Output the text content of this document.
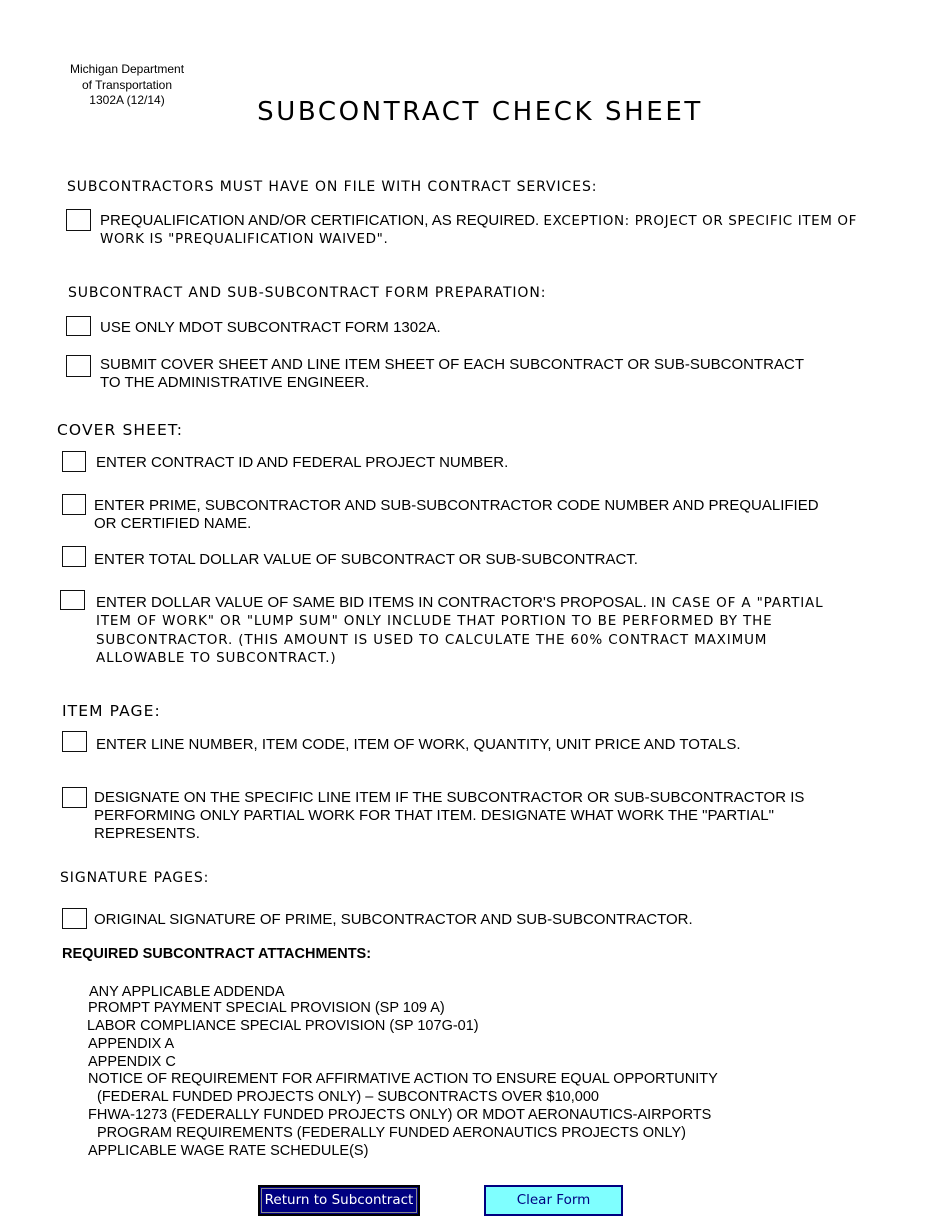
Michigan Department
of Transportation
1302A (12/14)	SUBCONTRACT CHECK SHEET
SUBCONTRACTORS MUST HAVE ON FILE WITH CONTRACT SERVICES:
PREQUALIFICATION AND/OR CERTIFICATION, AS REQUIRED. EXCEPTION: PROJECT OR SPECIFIC ITEM OF WORK IS "PREQUALIFICATION WAIVED".
SUBCONTRACT AND SUB-SUBCONTRACT FORM PREPARATION:
USE ONLY MDOT SUBCONTRACT FORM 1302A.
SUBMIT COVER SHEET AND LINE ITEM SHEET OF EACH SUBCONTRACT OR SUB-SUBCONTRACT
TO THE ADMINISTRATIVE ENGINEER.
COVER SHEET:
ENTER CONTRACT ID AND FEDERAL PROJECT NUMBER.
ENTER PRIME, SUBCONTRACTOR AND SUB-SUBCONTRACTOR CODE NUMBER AND PREQUALIFIED
OR CERTIFIED NAME.
ENTER TOTAL DOLLAR VALUE OF SUBCONTRACT OR SUB-SUBCONTRACT.
ENTER DOLLAR VALUE OF SAME BID ITEMS IN CONTRACTOR'S PROPOSAL. IN CASE OF A "PARTIAL ITEM OF WORK" OR "LUMP SUM" ONLY INCLUDE THAT PORTION TO BE PERFORMED BY THE SUBCONTRACTOR. (THIS AMOUNT IS USED TO CALCULATE THE 60% CONTRACT MAXIMUM ALLOWABLE TO SUBCONTRACT.)
ITEM PAGE:
ENTER LINE NUMBER, ITEM CODE, ITEM OF WORK, QUANTITY, UNIT PRICE AND TOTALS.
DESIGNATE ON THE SPECIFIC LINE ITEM IF THE SUBCONTRACTOR OR SUB-SUBCONTRACTOR IS
PERFORMING ONLY PARTIAL WORK FOR THAT ITEM. DESIGNATE WHAT WORK THE "PARTIAL"
REPRESENTS.
SIGNATURE PAGES:
ORIGINAL SIGNATURE OF PRIME, SUBCONTRACTOR AND SUB-SUBCONTRACTOR.
REQUIRED SUBCONTRACT ATTACHMENTS:
ANY APPLICABLE ADDENDA
PROMPT PAYMENT SPECIAL PROVISION (SP 109 A)
LABOR COMPLIANCE SPECIAL PROVISION (SP 107G-01)
APPENDIX A
APPENDIX C
NOTICE OF REQUIREMENT FOR AFFIRMATIVE ACTION TO ENSURE EQUAL OPPORTUNITY
(FEDERAL FUNDED PROJECTS ONLY) – SUBCONTRACTS OVER $10,000
FHWA-1273 (FEDERALLY FUNDED PROJECTS ONLY) OR MDOT AERONAUTICS-AIRPORTS
PROGRAM REQUIREMENTS (FEDERALLY FUNDED AERONAUTICS PROJECTS ONLY)
APPLICABLE WAGE RATE SCHEDULE(S)
Return to Subcontract	Clear Form
